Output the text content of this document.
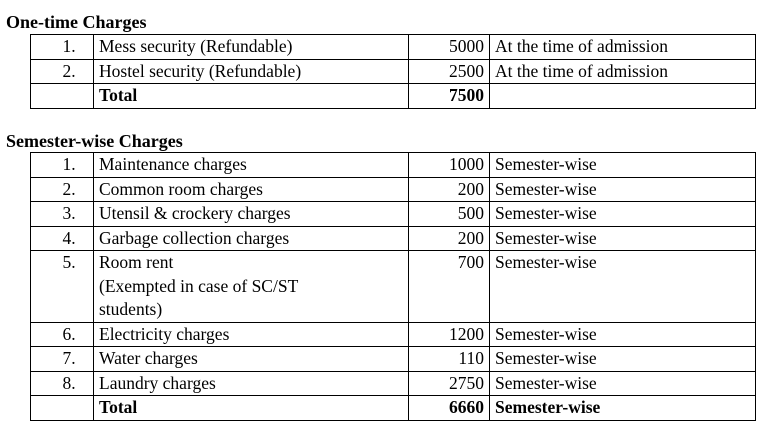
One-time Charges
1.	Mess security (Refundable)	5000	At the time of admission
2.	Hostel security (Refundable)	2500	At the time of admission
	Total	7500	
Semester-wise Charges
1.	Maintenance charges	1000	Semester-wise
2.	Common room charges	200	Semester-wise
3.	Utensil & crockery charges	500	Semester-wise
4.	Garbage collection charges	200	Semester-wise
5.	Room rent
(Exempted in case of SC/ST
students)	700	Semester-wise
6.	Electricity charges	1200	Semester-wise
7.	Water charges	110	Semester-wise
8.	Laundry charges	2750	Semester-wise
	Total	6660	Semester-wise
